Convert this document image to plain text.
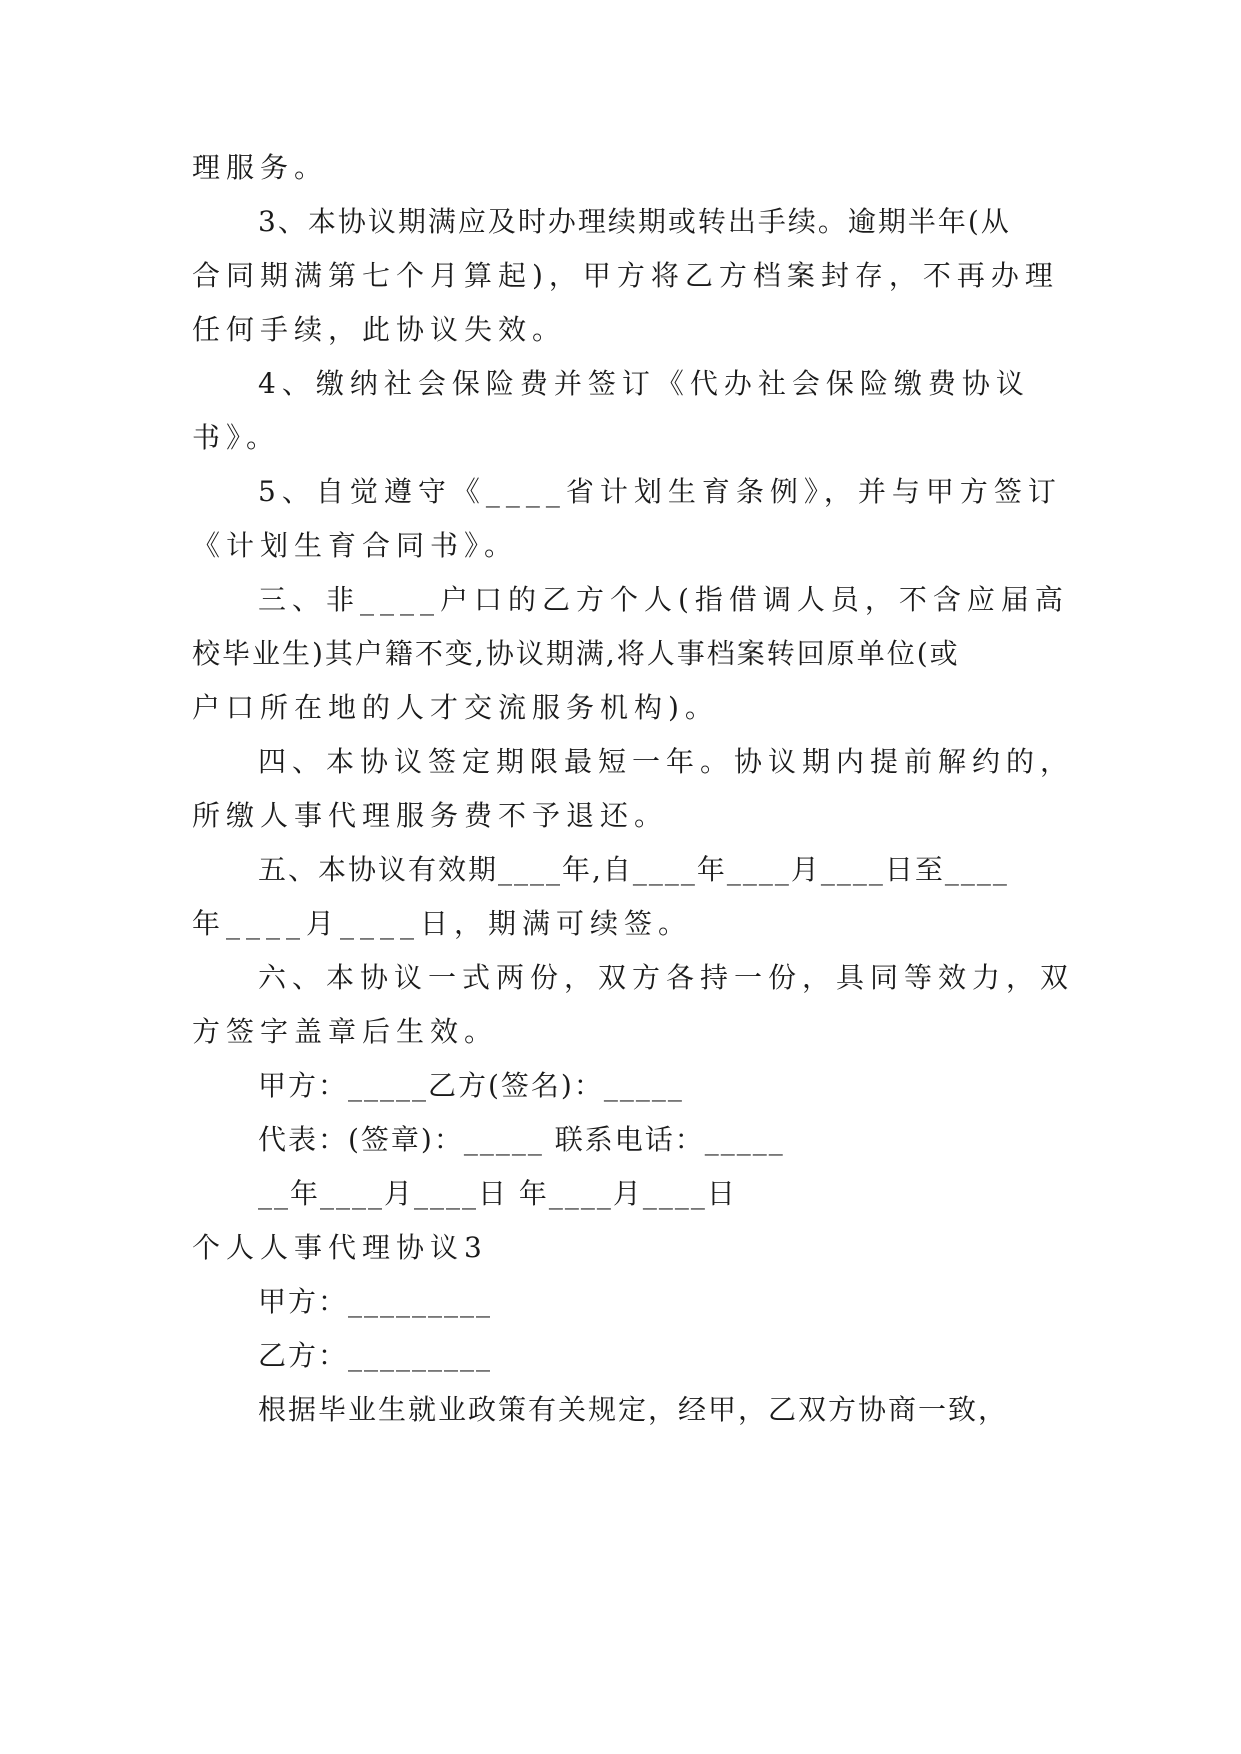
理服务。
3、本协议期满应及时办理续期或转出手续。逾期半年(从
合同期满第七个月算起)，甲方将乙方档案封存，不再办理
任何手续，此协议失效。
4、缴纳社会保险费并签订《代办社会保险缴费协议
书》。
5、自觉遵守《____省计划生育条例》，并与甲方签订
《计划生育合同书》。
三、非____户口的乙方个人(指借调人员，不含应届高
校毕业生)其户籍不变,协议期满,将人事档案转回原单位(或
户口所在地的人才交流服务机构)。
四、本协议签定期限最短一年。协议期内提前解约的，
所缴人事代理服务费不予退还。
五、本协议有效期____年,自____年____月____日至____
年____月____日，期满可续签。
六、本协议一式两份，双方各持一份，具同等效力，双
方签字盖章后生效。
甲方：_____乙方(签名)：_____
代表：(签章)：_____ 联系电话：_____
__年____月____日 年____月____日
个人人事代理协议3
甲方：_________
乙方：_________
根据毕业生就业政策有关规定，经甲，乙双方协商一致，
